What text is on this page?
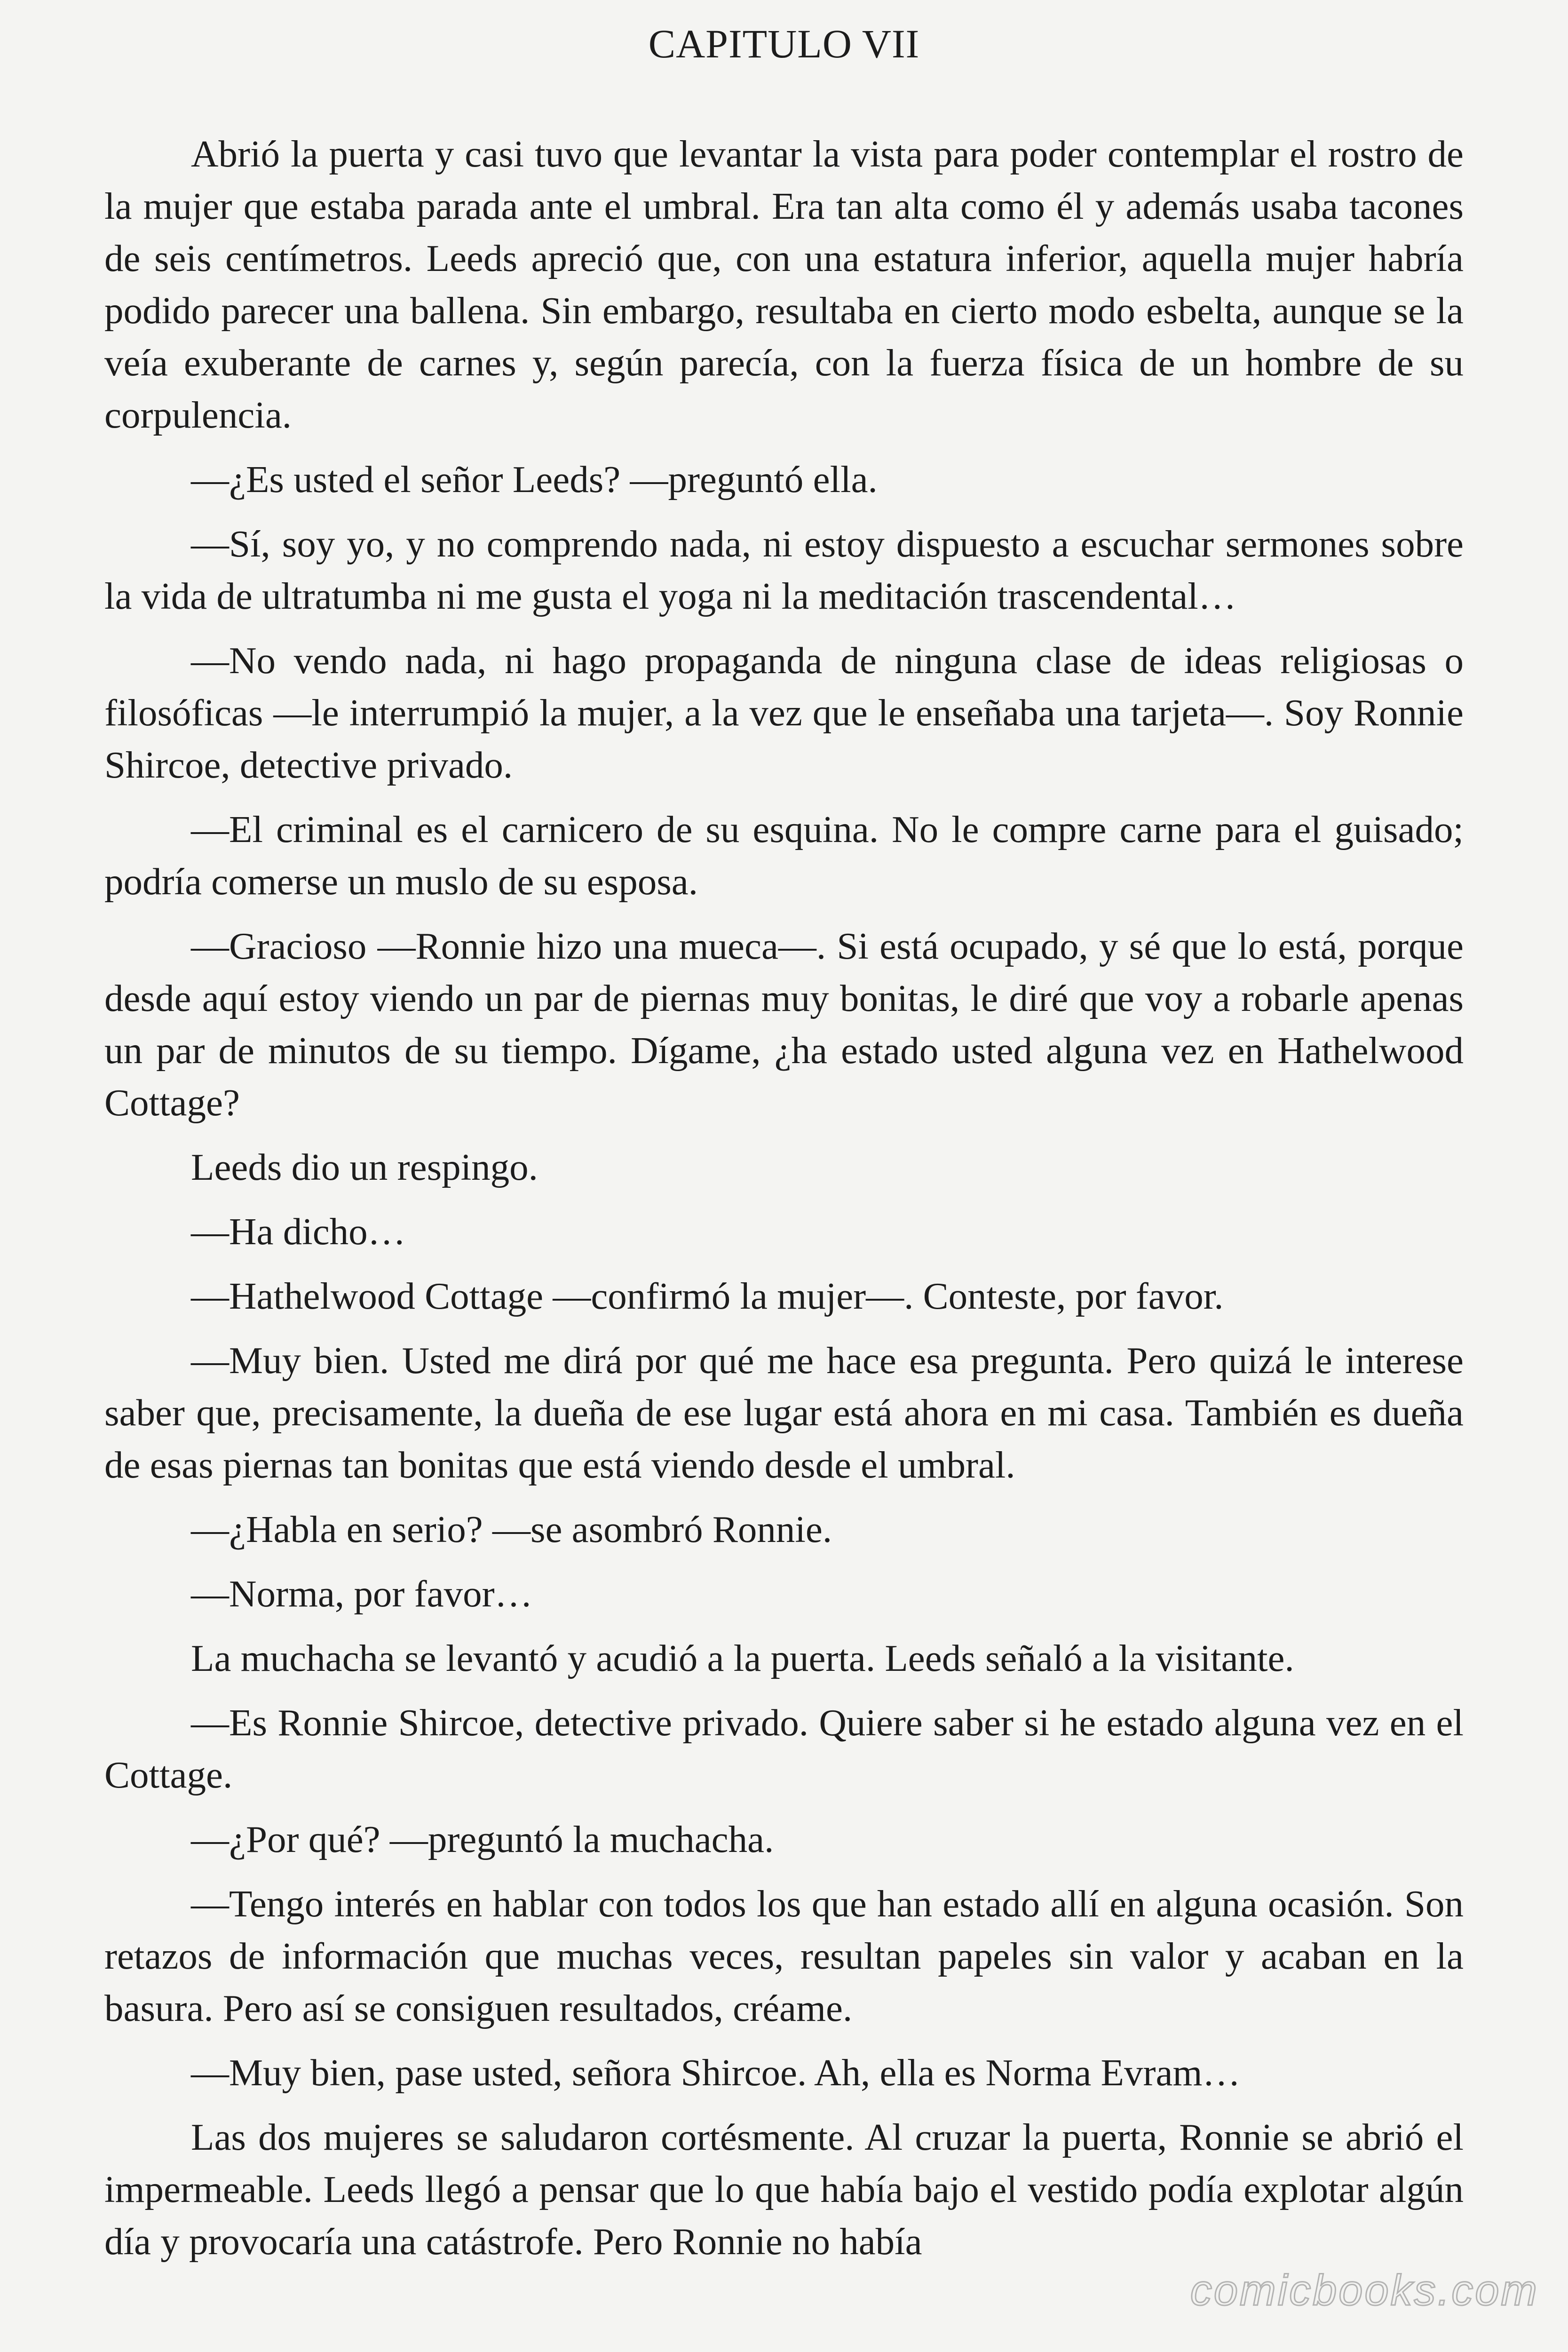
CAPITULO VII

Abrió la puerta y casi tuvo que levantar la vista para poder contemplar el rostro de la mujer que estaba parada ante el umbral. Era tan alta como él y además usaba tacones de seis centímetros. Leeds apreció que, con una estatura inferior, aquella mujer habría podido parecer una ballena. Sin embargo, resultaba en cierto modo esbelta, aunque se la veía exuberante de carnes y, según parecía, con la fuerza física de un hombre de su corpulencia.

—¿Es usted el señor Leeds? —preguntó ella.

—Sí, soy yo, y no comprendo nada, ni estoy dispuesto a escuchar sermones sobre la vida de ultratumba ni me gusta el yoga ni la meditación trascendental…

—No vendo nada, ni hago propaganda de ninguna clase de ideas religiosas o filosóficas —le interrumpió la mujer, a la vez que le enseñaba una tarjeta—. Soy Ronnie Shircoe, detective privado.

—El criminal es el carnicero de su esquina. No le compre carne para el guisado; podría comerse un muslo de su esposa.

—Gracioso —Ronnie hizo una mueca—. Si está ocupado, y sé que lo está, porque desde aquí estoy viendo un par de piernas muy bonitas, le diré que voy a robarle apenas un par de minutos de su tiempo. Dígame, ¿ha estado usted alguna vez en Hathelwood Cottage?

Leeds dio un respingo.

—Ha dicho…

—Hathelwood Cottage —confirmó la mujer—. Conteste, por favor.

—Muy bien. Usted me dirá por qué me hace esa pregunta. Pero quizá le interese saber que, precisamente, la dueña de ese lugar está ahora en mi casa. También es dueña de esas piernas tan bonitas que está viendo desde el umbral.

—¿Habla en serio? —se asombró Ronnie.

—Norma, por favor…

La muchacha se levantó y acudió a la puerta. Leeds señaló a la visitante.

—Es Ronnie Shircoe, detective privado. Quiere saber si he estado alguna vez en el Cottage.

—¿Por qué? —preguntó la muchacha.

—Tengo interés en hablar con todos los que han estado allí en alguna ocasión. Son retazos de información que muchas veces, resultan papeles sin valor y acaban en la basura. Pero así se consiguen resultados, créame.

—Muy bien, pase usted, señora Shircoe. Ah, ella es Norma Evram…

Las dos mujeres se saludaron cortésmente. Al cruzar la puerta, Ronnie se abrió el impermeable. Leeds llegó a pensar que lo que había bajo el vestido podía explotar algún día y provocaría una catástrofe. Pero Ronnie no había

comicbooks.com
